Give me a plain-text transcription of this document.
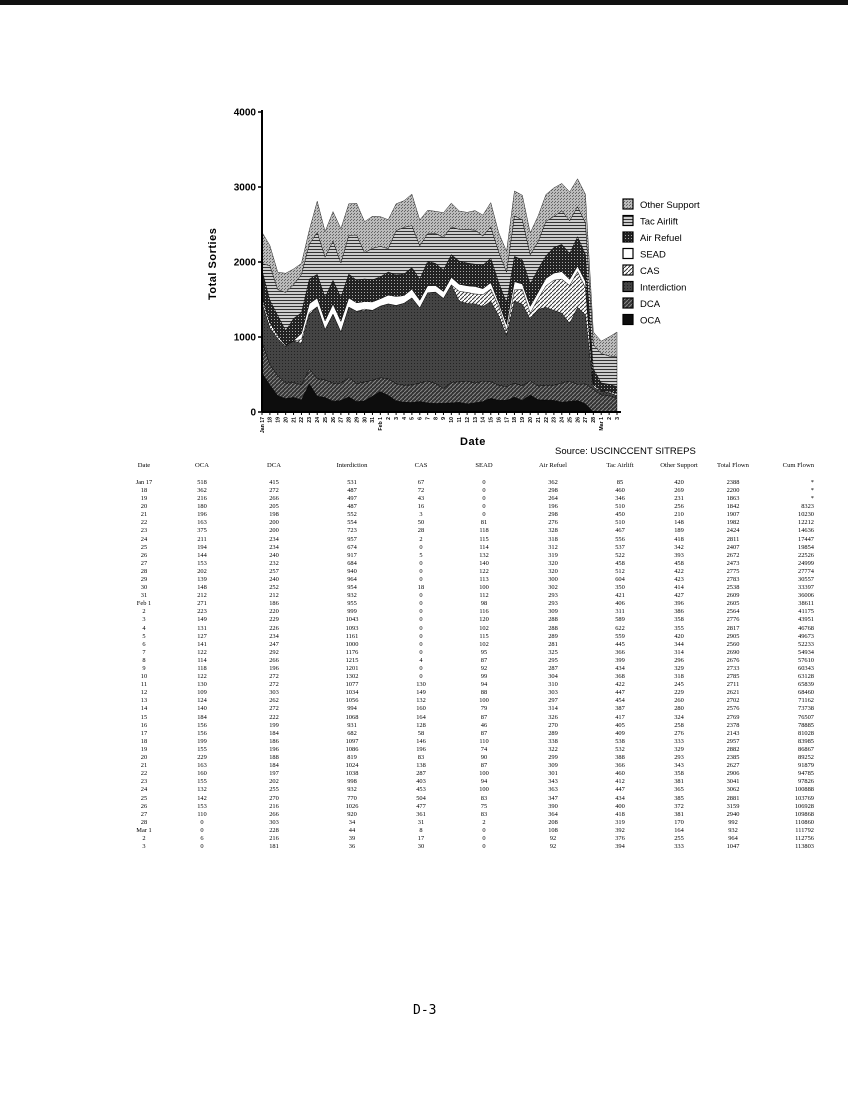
0
1000
2000
3000
4000
Jan 17 18 19 20 21 22 23 24 25 26 27 28 29 30 31 Feb 1 2 3 4 5 6 7 8 9 10 11 12 13 14 15 16 17 18 19 20 21 22 23 24 25 26 27 28 Mar 1 2 3
Other Support
Tac Airlift
Air Refuel
SEAD
CAS
Interdiction
DCA
OCA
Date
Total Sorties
Source: USCINCCENT SITREPS
Date	OCA	DCA	Interdiction	CAS	SEAD	Air Refuel	Tac Airlift	Other Support	Total Flown	Cum Flown
Jan 17	518	415	531	67	0	362	85	420	2388	*
18	362	272	487	72	0	298	460	269	2200	*
19	216	266	497	43	0	264	346	231	1863	*
20	180	205	487	16	0	196	510	256	1842	8323
21	196	198	552	3	0	298	450	210	1907	10230
22	163	200	554	50	81	276	510	148	1982	12212
23	375	200	723	28	118	328	467	189	2424	14636
24	211	234	957	2	115	318	556	418	2811	17447
25	194	234	674	0	114	312	537	342	2407	19854
26	144	240	917	5	132	319	522	393	2672	22526
27	153	232	684	0	140	320	458	458	2473	24999
28	202	257	940	0	122	320	512	422	2775	27774
29	139	240	964	0	113	300	604	423	2783	30557
30	148	252	954	18	100	302	350	414	2538	33397
31	212	212	932	0	112	293	421	427	2609	36006
Feb 1	271	186	955	0	98	293	406	396	2605	38611
2	223	220	999	0	116	309	311	386	2564	41175
3	149	229	1043	0	120	288	589	358	2776	43951
4	131	226	1093	0	102	288	622	355	2817	46768
5	127	234	1161	0	115	289	559	420	2905	49673
6	141	247	1000	0	102	281	445	344	2560	52233
7	122	292	1176	0	95	325	366	314	2690	54934
8	114	266	1215	4	87	295	399	296	2676	57610
9	118	196	1201	0	92	287	434	329	2733	60343
10	122	272	1302	0	99	304	368	318	2785	63128
11	130	272	1077	130	94	310	422	245	2711	65839
12	109	303	1034	149	88	303	447	229	2621	68460
13	124	262	1056	132	100	297	454	260	2702	71162
14	140	272	994	160	79	314	387	280	2576	73738
15	184	222	1068	164	87	326	417	324	2769	76507
16	156	199	931	128	46	270	405	258	2378	78885
17	156	184	682	58	87	289	409	276	2143	81028
18	199	186	1097	146	110	338	538	333	2957	83985
19	155	196	1086	196	74	322	532	329	2882	86867
20	229	188	819	83	90	299	388	293	2385	89252
21	163	184	1024	138	87	309	366	343	2627	91879
22	160	197	1038	287	100	301	460	358	2906	94785
23	155	202	998	403	94	343	412	381	3041	97826
24	132	255	932	453	100	363	447	365	3062	100888
25	142	270	770	504	83	347	434	385	2881	103769
26	153	216	1026	477	75	390	400	372	3159	106928
27	110	266	920	361	83	364	418	381	2940	109868
28	0	303	34	31	2	208	319	170	992	110860
Mar 1	0	228	44	8	0	108	392	164	932	111792
2	6	216	39	17	0	92	376	255	964	112756
3	0	181	36	30	0	92	394	333	1047	113803
D-3
